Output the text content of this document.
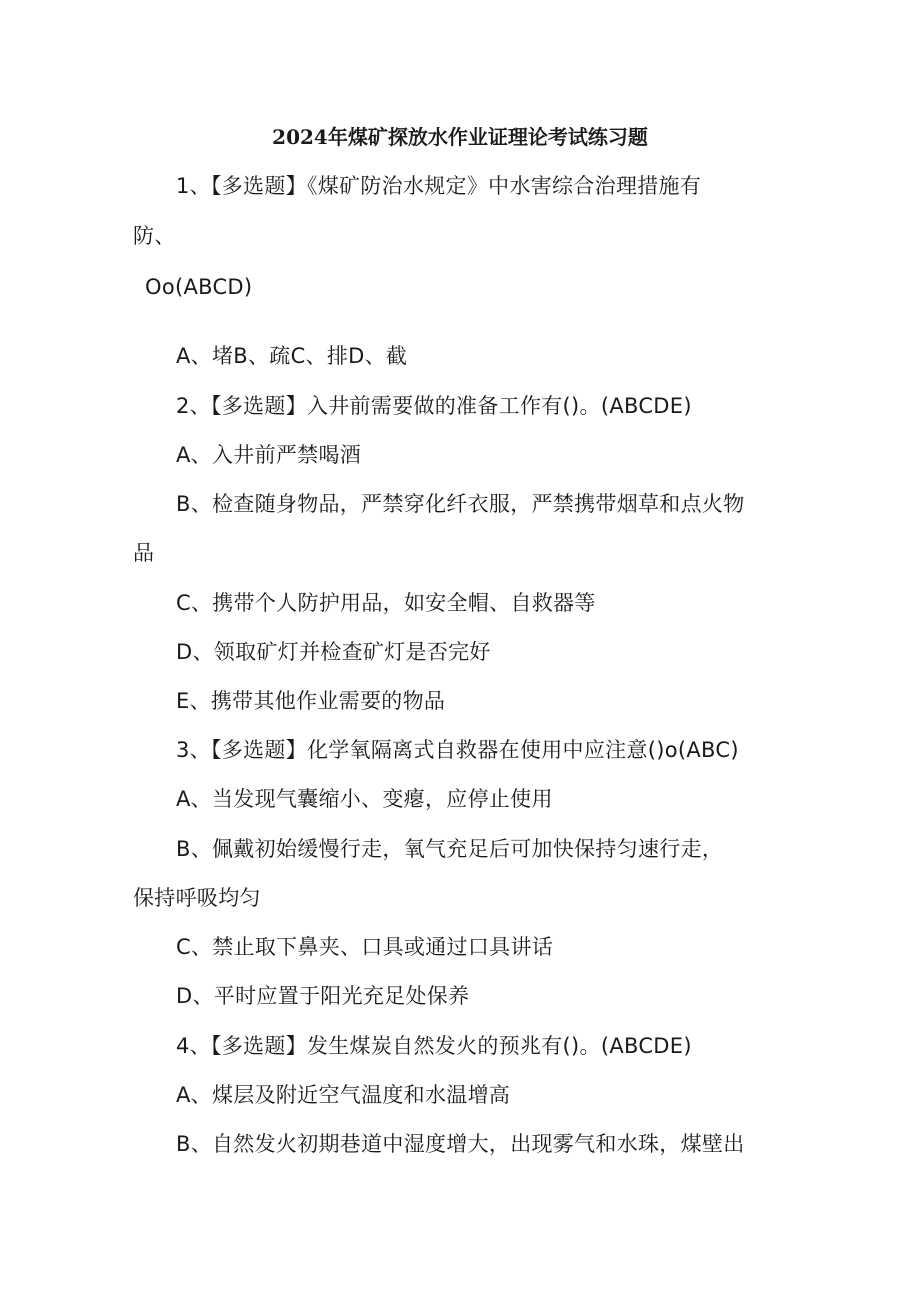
2024年煤矿探放水作业证理论考试练习题
1、【多选题】《煤矿防治水规定》中水害综合治理措施有
防、
Oo(ABCD)
A、堵B、疏C、排D、截
2、【多选题】入井前需要做的准备工作有()。(ABCDE)
A、入井前严禁喝酒
B、检查随身物品，严禁穿化纤衣服，严禁携带烟草和点火物
品
C、携带个人防护用品，如安全帽、自救器等
D、领取矿灯并检查矿灯是否完好
E、携带其他作业需要的物品
3、【多选题】化学氧隔离式自救器在使用中应注意()o(ABC)
A、当发现气囊缩小、变瘪，应停止使用
B、佩戴初始缓慢行走，氧气充足后可加快保持匀速行走，
保持呼吸均匀
C、禁止取下鼻夹、口具或通过口具讲话
D、平时应置于阳光充足处保养
4、【多选题】发生煤炭自然发火的预兆有()。(ABCDE)
A、煤层及附近空气温度和水温增高
B、自然发火初期巷道中湿度增大，出现雾气和水珠，煤壁出
